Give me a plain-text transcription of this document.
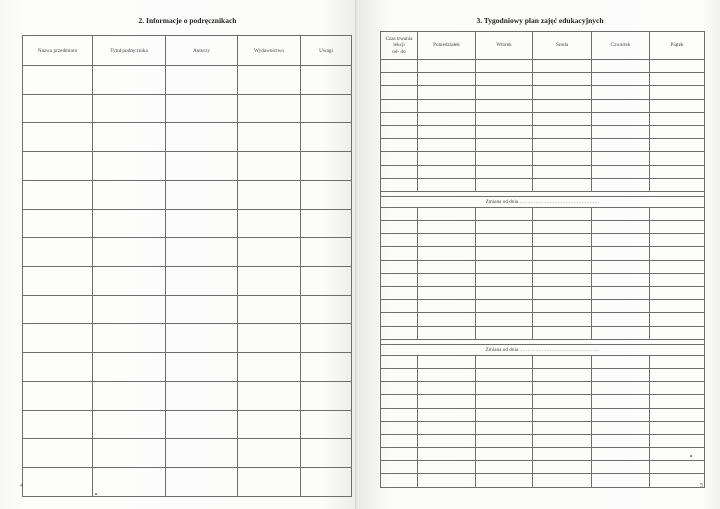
2. Informacje o podręcznikach
Nazwa przedmiotu	Tytuł podręcznika	Autorzy	Wydawnictwo	Uwagi

4
3. Tygodniowy plan zajęć edukacyjnych
Czas trwania
lekcji
od- do	Poniedziałek	Wtorek	Środa	Czwartek	Piątek

Zmiana od dnia ..................................................					

Zmiana od dnia ..................................................					

5
